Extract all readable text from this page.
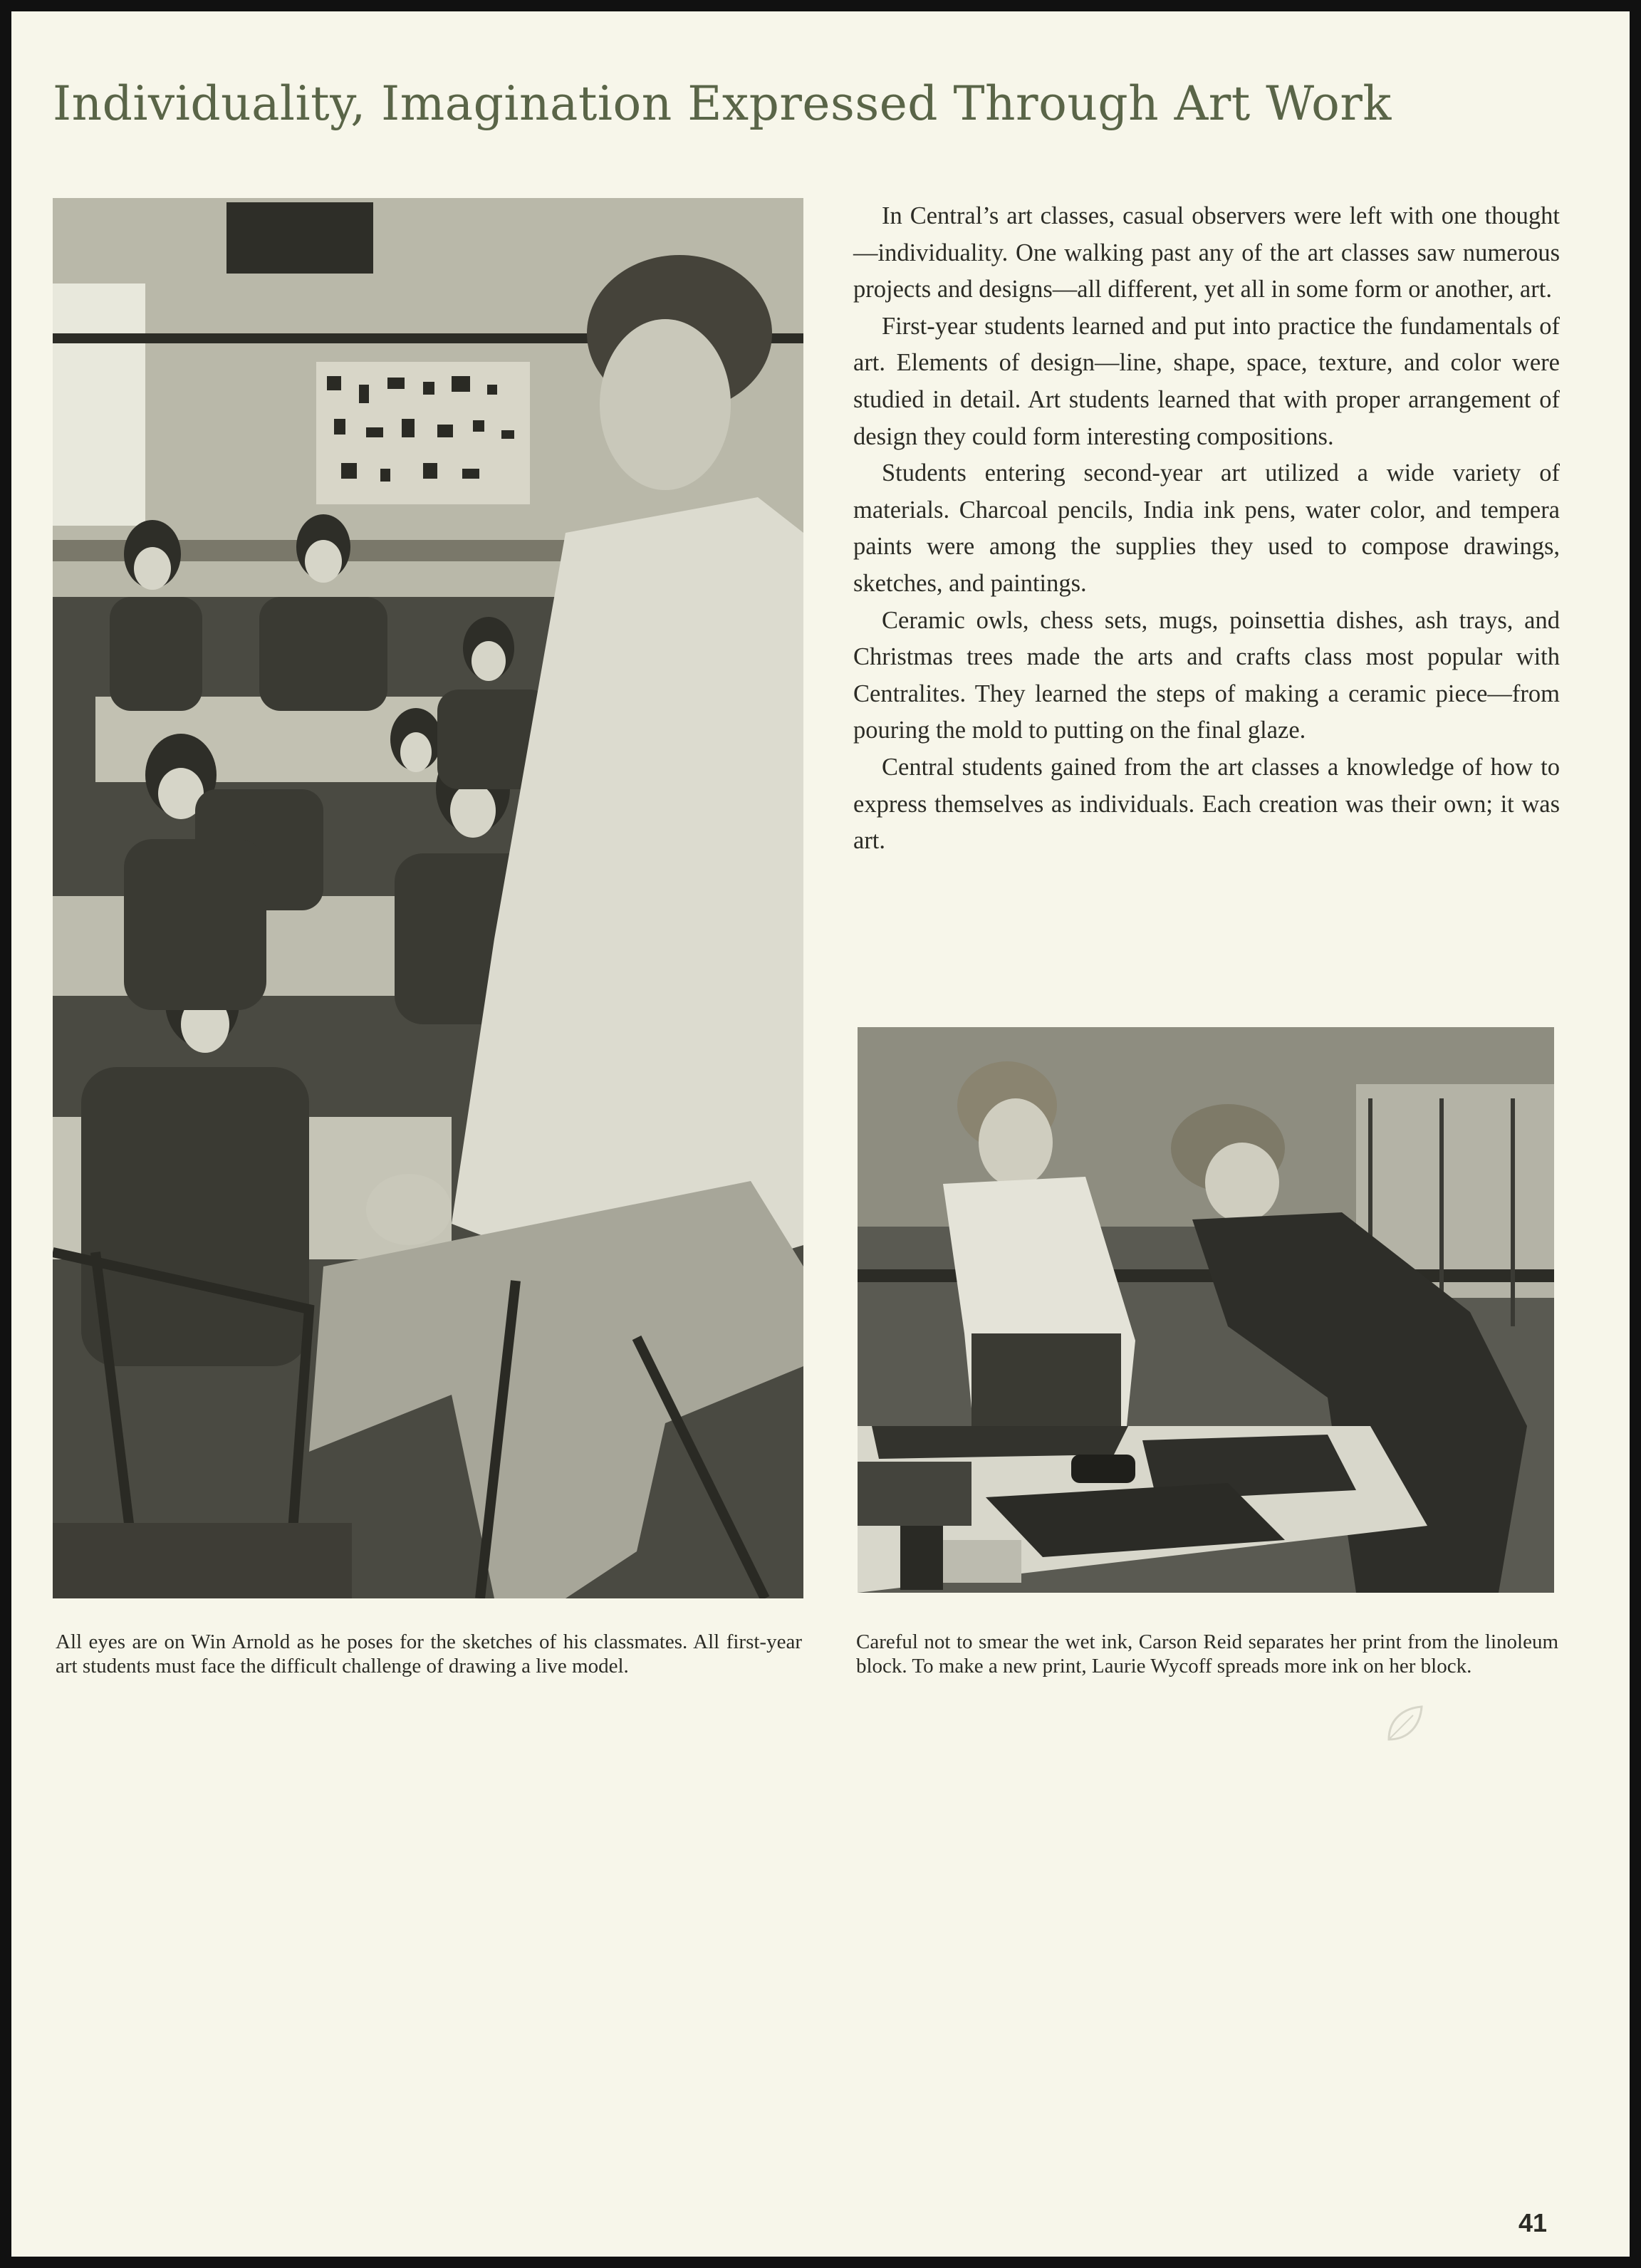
Individuality, Imagination Expressed Through Art Work

In Central’s art classes, casual observers were left with one thought—individuality. One walking past any of the art classes saw numerous projects and designs—all different, yet all in some form or another, art.

First-year students learned and put into practice the fundamentals of art. Elements of design—line, shape, space, texture, and color were studied in detail. Art students learned that with proper arrangement of design they could form interesting compositions.

Students entering second-year art utilized a wide variety of materials. Charcoal pencils, India ink pens, water color, and tempera paints were among the supplies they used to compose drawings, sketches, and paintings.

Ceramic owls, chess sets, mugs, poinsettia dishes, ash trays, and Christmas trees made the arts and crafts class most popular with Centralites. They learned the steps of making a ceramic piece—from pouring the mold to putting on the final glaze.

Central students gained from the art classes a knowledge of how to express themselves as individuals. Each creation was their own; it was art.

All eyes are on Win Arnold as he poses for the sketches of his classmates. All first-year art students must face the difficult challenge of drawing a live model.
Careful not to smear the wet ink, Carson Reid separates her print from the linoleum block. To make a new print, Laurie Wycoff spreads more ink on her block.
41
